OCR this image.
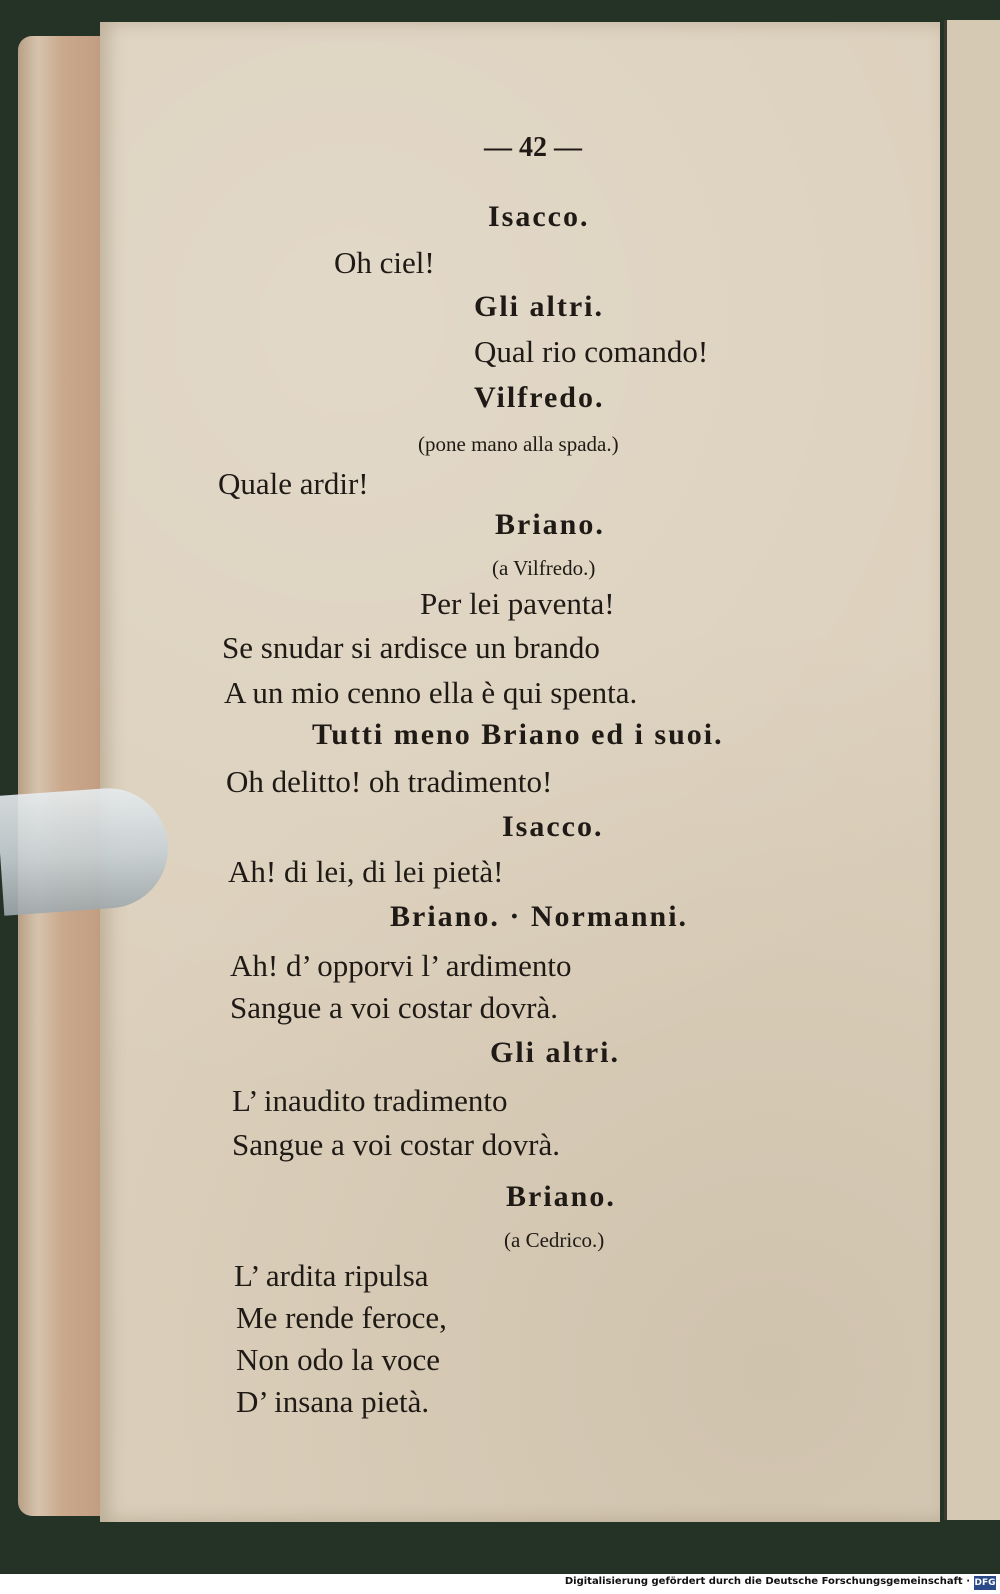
— 42 —
Isacco.
Oh ciel!
Gli altri.
Qual rio comando!
Vilfredo.
(pone mano alla spada.)
Quale ardir!
Briano.
(a Vilfredo.)
Per lei paventa!
Se snudar si ardisce un brando
A un mio cenno ella è qui spenta.
Tutti meno Briano ed i suoi.
Oh delitto! oh tradimento!
Isacco.
Ah! di lei, di lei pietà!
Briano. · Normanni.
Ah! d’ opporvi l’ ardimento
Sangue a voi costar dovrà.
Gli altri.
L’ inaudito tradimento
Sangue a voi costar dovrà.
Briano.
(a Cedrico.)
L’ ardita ripulsa
Me rende feroce,
Non odo la voce
D’ insana pietà.
Digitalisierung gefördert durch die Deutsche Forschungsgemeinschaft · DFG
